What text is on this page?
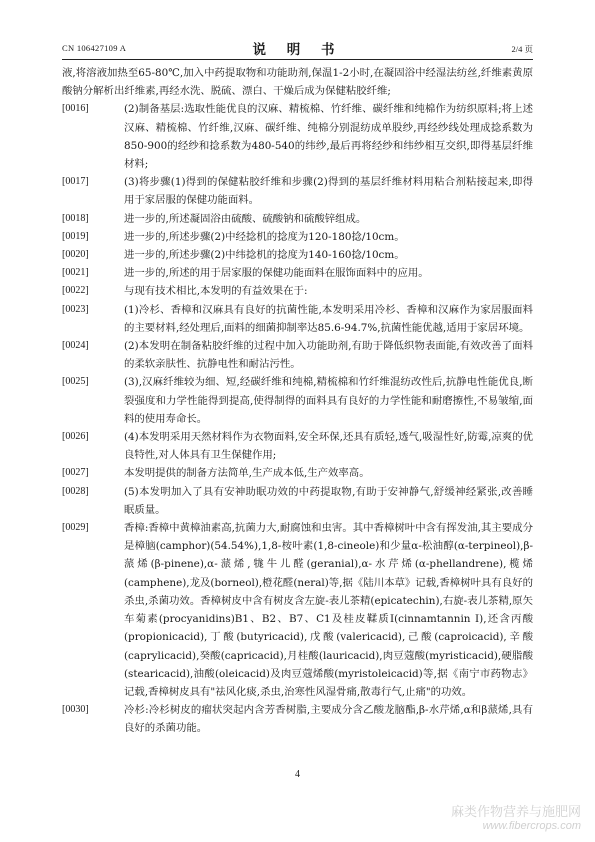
CN 106427109 A	说 明 书	2/4 页
液,将溶液加热至65-80℃,加入中药提取物和功能助剂,保温1-2小时,在凝固浴中经湿法纺丝,纤维素黄原酸钠分解析出纤维素,再经水洗、脱硫、漂白、干燥后成为保健粘胶纤维;
[0016]	(2)制备基层:选取性能优良的汉麻、精梳棉、竹纤维、碳纤维和纯棉作为纺织原料;将上述汉麻、精梳棉、竹纤维,汉麻、碳纤维、纯棉分别混纺成单股纱,再经纱线处理成捻系数为850-900的经纱和捻系数为480-540的纬纱,最后再将经纱和纬纱相互交织,即得基层纤维材料;
[0017]	(3)将步骤(1)得到的保健粘胶纤维和步骤(2)得到的基层纤维材料用粘合剂粘接起来,即得用于家居服的保健功能面料。
[0018]	进一步的,所述凝固浴由硫酸、硫酸钠和硫酸锌组成。
[0019]	进一步的,所述步骤(2)中经捻机的捻度为120-180捻/10cm。
[0020]	进一步的,所述步骤(2)中纬捻机的捻度为140-160捻/10cm。
[0021]	进一步的,所述的用于居家服的保健功能面料在服饰面料中的应用。
[0022]	与现有技术相比,本发明的有益效果在于:
[0023]	(1)冷杉、香樟和汉麻具有良好的抗菌性能,本发明采用冷杉、香樟和汉麻作为家居服面料的主要材料,经处理后,面料的细菌抑制率达85.6-94.7%,抗菌性能优越,适用于家居环境。
[0024]	(2)本发明在制备粘胶纤维的过程中加入功能助剂,有助于降低织物表面能,有效改善了面料的柔软亲肤性、抗静电性和耐沾污性。
[0025]	(3),汉麻纤维较为细、短,经碳纤维和纯棉,精梳棉和竹纤维混纺改性后,抗静电性能优良,断裂强度和力学性能得到提高,使得制得的面料具有良好的力学性能和耐磨擦性,不易皱缩,面料的使用寿命长。
[0026]	(4)本发明采用天然材料作为衣物面料,安全环保,还具有质轻,透气,吸湿性好,防霉,凉爽的优良特性,对人体具有卫生保健作用;
[0027]	本发明提供的制备方法简单,生产成本低,生产效率高。
[0028]	(5)本发明加入了具有安神助眠功效的中药提取物,有助于安神静气,舒缓神经紧张,改善睡眠质量。
[0029]	香樟:香樟中黄樟油素高,抗菌力大,耐腐蚀和虫害。其中香樟树叶中含有挥发油,其主要成分是樟脑(camphor)(54.54%),1,8-桉叶素(1,8-cineole)和少量α-松油醇(α-terpineol),β-蒎烯(β-pinene),α-蒎烯,牻牛儿醛(geranial),α-水芹烯(α-phellandrene),榄烯(camphene),龙及(borneol),橙花醛(neral)等,据《陆川本草》记载,香樟树叶具有良好的杀虫,杀菌功效。香樟树皮中含有树皮含左旋-表儿茶精(epicatechin),右旋-表儿茶精,原矢车菊素(procyanidins)B1、B2、B7、C1及桂皮鞣质I(cinnamtannin I),还含丙酸(propionicacid),丁酸(butyricacid),戊酸(valericacid),己酸(caproicacid),辛酸(caprylicacid),癸酸(capricacid),月桂酸(lauricacid),肉豆蔻酸(myristicacid),硬脂酸(stearicacid),油酸(oleicacid)及肉豆蔻烯酸(myristoleicacid)等,据《南宁市药物志》记载,香樟树皮具有"祛风化痰,杀虫,治寒性风湿骨痛,散毒行气,止痛"的功效。
[0030]	冷杉:冷杉树皮的瘤状突起内含芳香树脂,主要成分含乙酸龙脑酯,β-水芹烯,α和β蒎烯,具有良好的杀菌功能。
4
麻类作物营养与施肥网
www.fibercrops.com
